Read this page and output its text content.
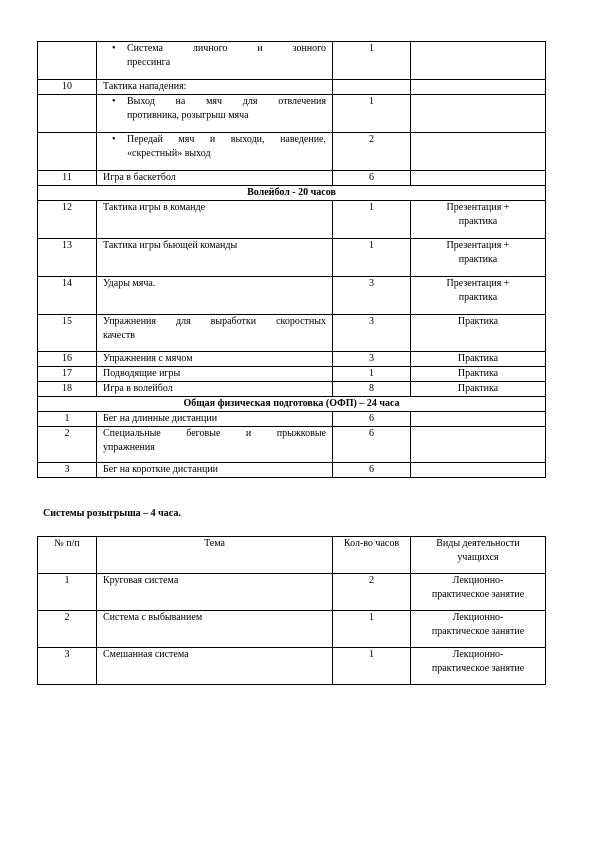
	• Система личного и зонного
прессинга	1	
10	Тактика нападения:		

	• Выход на мяч для отвлечения
противника, розыгрыш мяча	1	

	• Передай мяч и выходи, наведение,
«скрестный» выход	2	
11	Игра в баскетбол	6	
Волейбол - 20 часов			
12	Тактика игры в команде	1	Презентация +
практика

13	Тактика игры бьющей команды	1	Презентация +
практика

14	Удары мяча.	3	Презентация +
практика

15	Упражнения для выработки скоростных
качеств	3	Практика
16	Упражнения с мячом	3	Практика
17	Подводящие игры	1	Практика
18	Игра в волейбол	8	Практика
Общая физическая подготовка (ОФП) – 24 часа			
1	Бег на длинные дистанции	6	
2	Специальные беговые и прыжковые
упражнения	6	
3	Бег на короткие дистанции	6	
Системы розыгрыша – 4 часа.
№ п/п	Тема	Кол-во часов	Виды деятельности
учащихся

1	Круговая система	2	Лекционно-
практическое занятие

2	Система с выбыванием	1	Лекционно-
практическое занятие

3	Смешанная система	1	Лекционно-
практическое занятие
